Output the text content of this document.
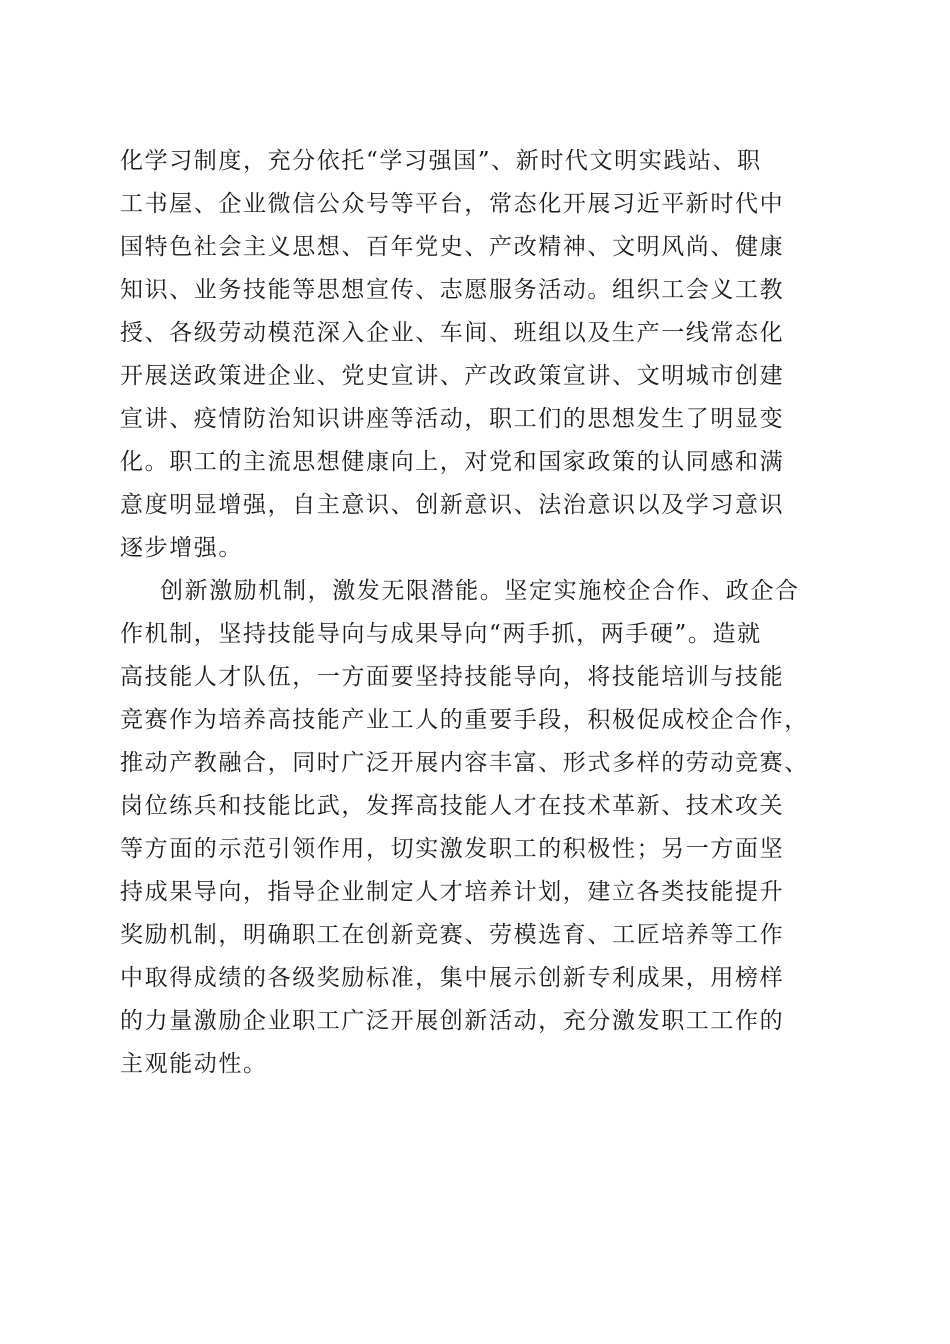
化学习制度，充分依托“学习强国”、新时代文明实践站、职
工书屋、企业微信公众号等平台，常态化开展习近平新时代中
国特色社会主义思想、百年党史、产改精神、文明风尚、健康
知识、业务技能等思想宣传、志愿服务活动。组织工会义工教
授、各级劳动模范深入企业、车间、班组以及生产一线常态化
开展送政策进企业、党史宣讲、产改政策宣讲、文明城市创建
宣讲、疫情防治知识讲座等活动，职工们的思想发生了明显变
化。职工的主流思想健康向上，对党和国家政策的认同感和满
意度明显增强，自主意识、创新意识、法治意识以及学习意识
逐步增强。
创新激励机制，激发无限潜能。坚定实施校企合作、政企合
作机制，坚持技能导向与成果导向“两手抓，两手硬”。造就
高技能人才队伍，一方面要坚持技能导向，将技能培训与技能
竞赛作为培养高技能产业工人的重要手段，积极促成校企合作，
推动产教融合，同时广泛开展内容丰富、形式多样的劳动竞赛、
岗位练兵和技能比武，发挥高技能人才在技术革新、技术攻关
等方面的示范引领作用，切实激发职工的积极性；另一方面坚
持成果导向，指导企业制定人才培养计划，建立各类技能提升
奖励机制，明确职工在创新竞赛、劳模选育、工匠培养等工作
中取得成绩的各级奖励标准，集中展示创新专利成果，用榜样
的力量激励企业职工广泛开展创新活动，充分激发职工工作的
主观能动性。
